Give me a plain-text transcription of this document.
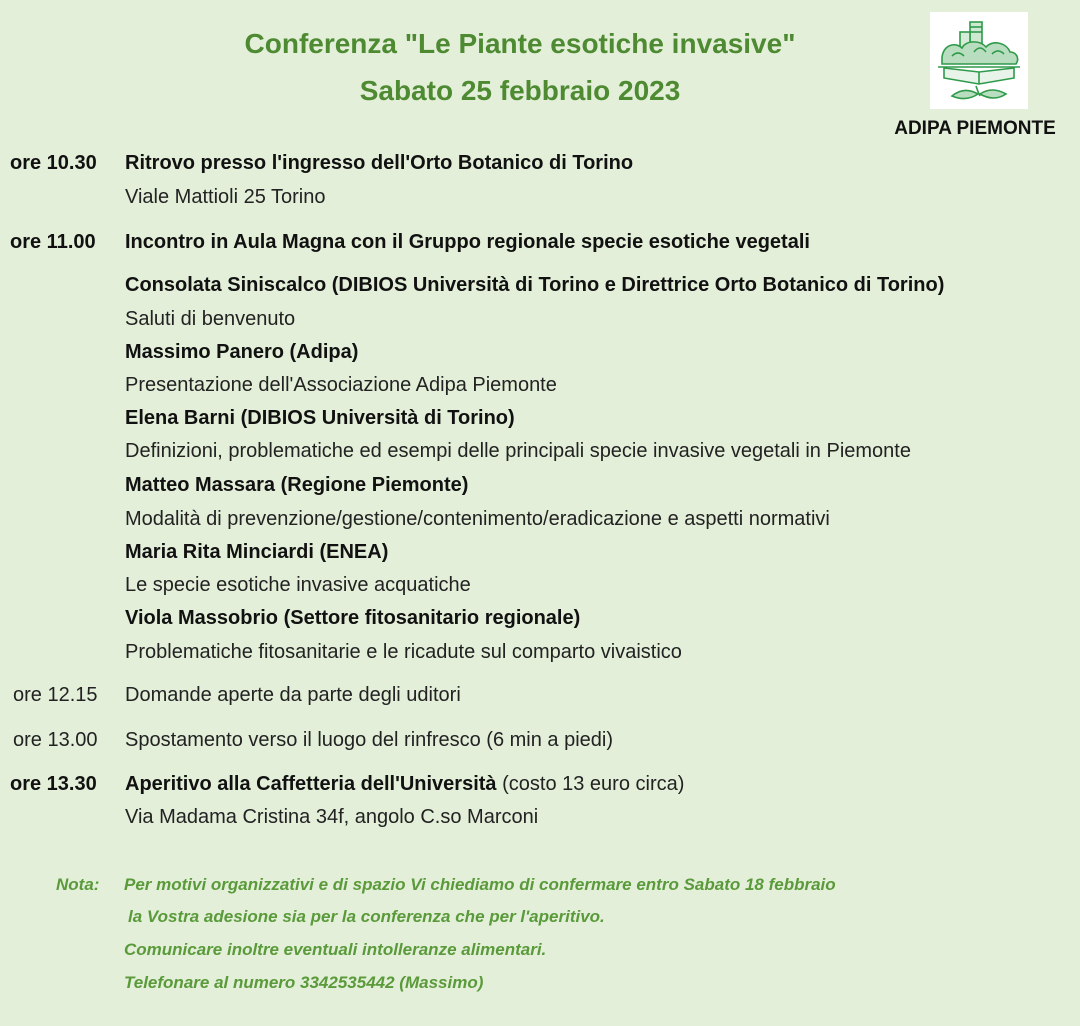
Conferenza "Le Piante esotiche invasive"
Sabato 25 febbraio 2023
ADIPA PIEMONTE
ore 10.30	Ritrovo presso l'ingresso dell'Orto Botanico di Torino
Viale Mattioli 25 Torino
ore 11.00	Incontro in Aula Magna con il Gruppo regionale specie esotiche vegetali
Consolata Siniscalco (DIBIOS Università di Torino e Direttrice Orto Botanico di Torino)
Saluti di benvenuto
Massimo Panero (Adipa)
Presentazione dell'Associazione Adipa Piemonte
Elena Barni (DIBIOS Università di Torino)
Definizioni, problematiche ed esempi delle principali specie invasive vegetali in Piemonte
Matteo Massara (Regione Piemonte)
Modalità di prevenzione/gestione/contenimento/eradicazione e aspetti normativi
Maria Rita Minciardi (ENEA)
Le specie esotiche invasive acquatiche
Viola Massobrio (Settore fitosanitario regionale)
Problematiche fitosanitarie e le ricadute sul comparto vivaistico
ore 12.15	Domande aperte da parte degli uditori
ore 13.00	Spostamento verso il luogo del rinfresco (6 min a piedi)
ore 13.30	Aperitivo alla Caffetteria dell'Università (costo 13 euro circa)
Via Madama Cristina 34f, angolo C.so Marconi
Nota: Per motivi organizzativi e di spazio Vi chiediamo di confermare entro Sabato 18 febbraio
la Vostra adesione sia per la conferenza che per l'aperitivo.
Comunicare inoltre eventuali intolleranze alimentari.
Telefonare al numero 3342535442 (Massimo)
